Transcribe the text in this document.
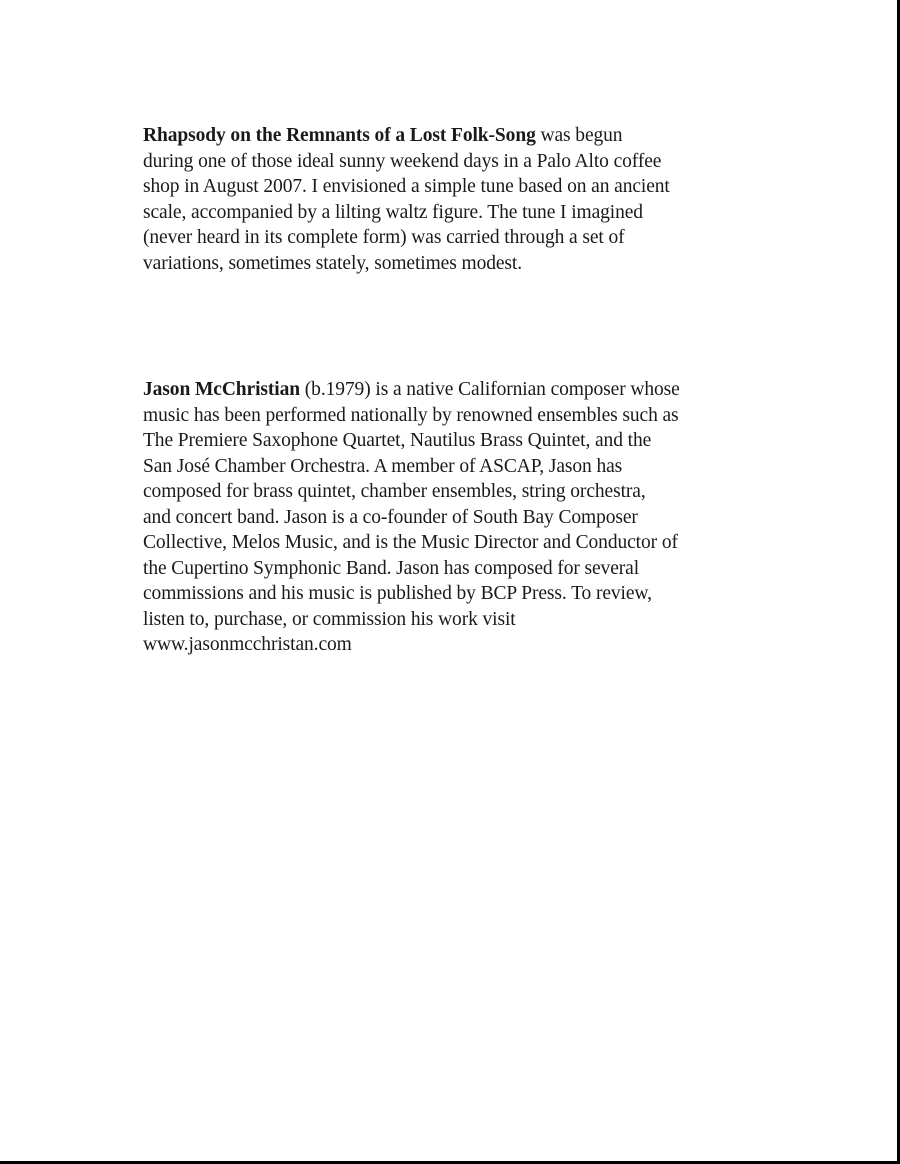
Rhapsody on the Remnants of a Lost Folk-Song was begun
during one of those ideal sunny weekend days in a Palo Alto coffee
shop in August 2007. I envisioned a simple tune based on an ancient
scale, accompanied by a lilting waltz figure. The tune I imagined
(never heard in its complete form) was carried through a set of
variations, sometimes stately, sometimes modest.

Jason McChristian (b.1979) is a native Californian composer whose
music has been performed nationally by renowned ensembles such as
The Premiere Saxophone Quartet, Nautilus Brass Quintet, and the
San José Chamber Orchestra. A member of ASCAP, Jason has
composed for brass quintet, chamber ensembles, string orchestra,
and concert band. Jason is a co-founder of South Bay Composer
Collective, Melos Music, and is the Music Director and Conductor of
the Cupertino Symphonic Band. Jason has composed for several
commissions and his music is published by BCP Press. To review,
listen to, purchase, or commission his work visit
www.jasonmcchristan.com
